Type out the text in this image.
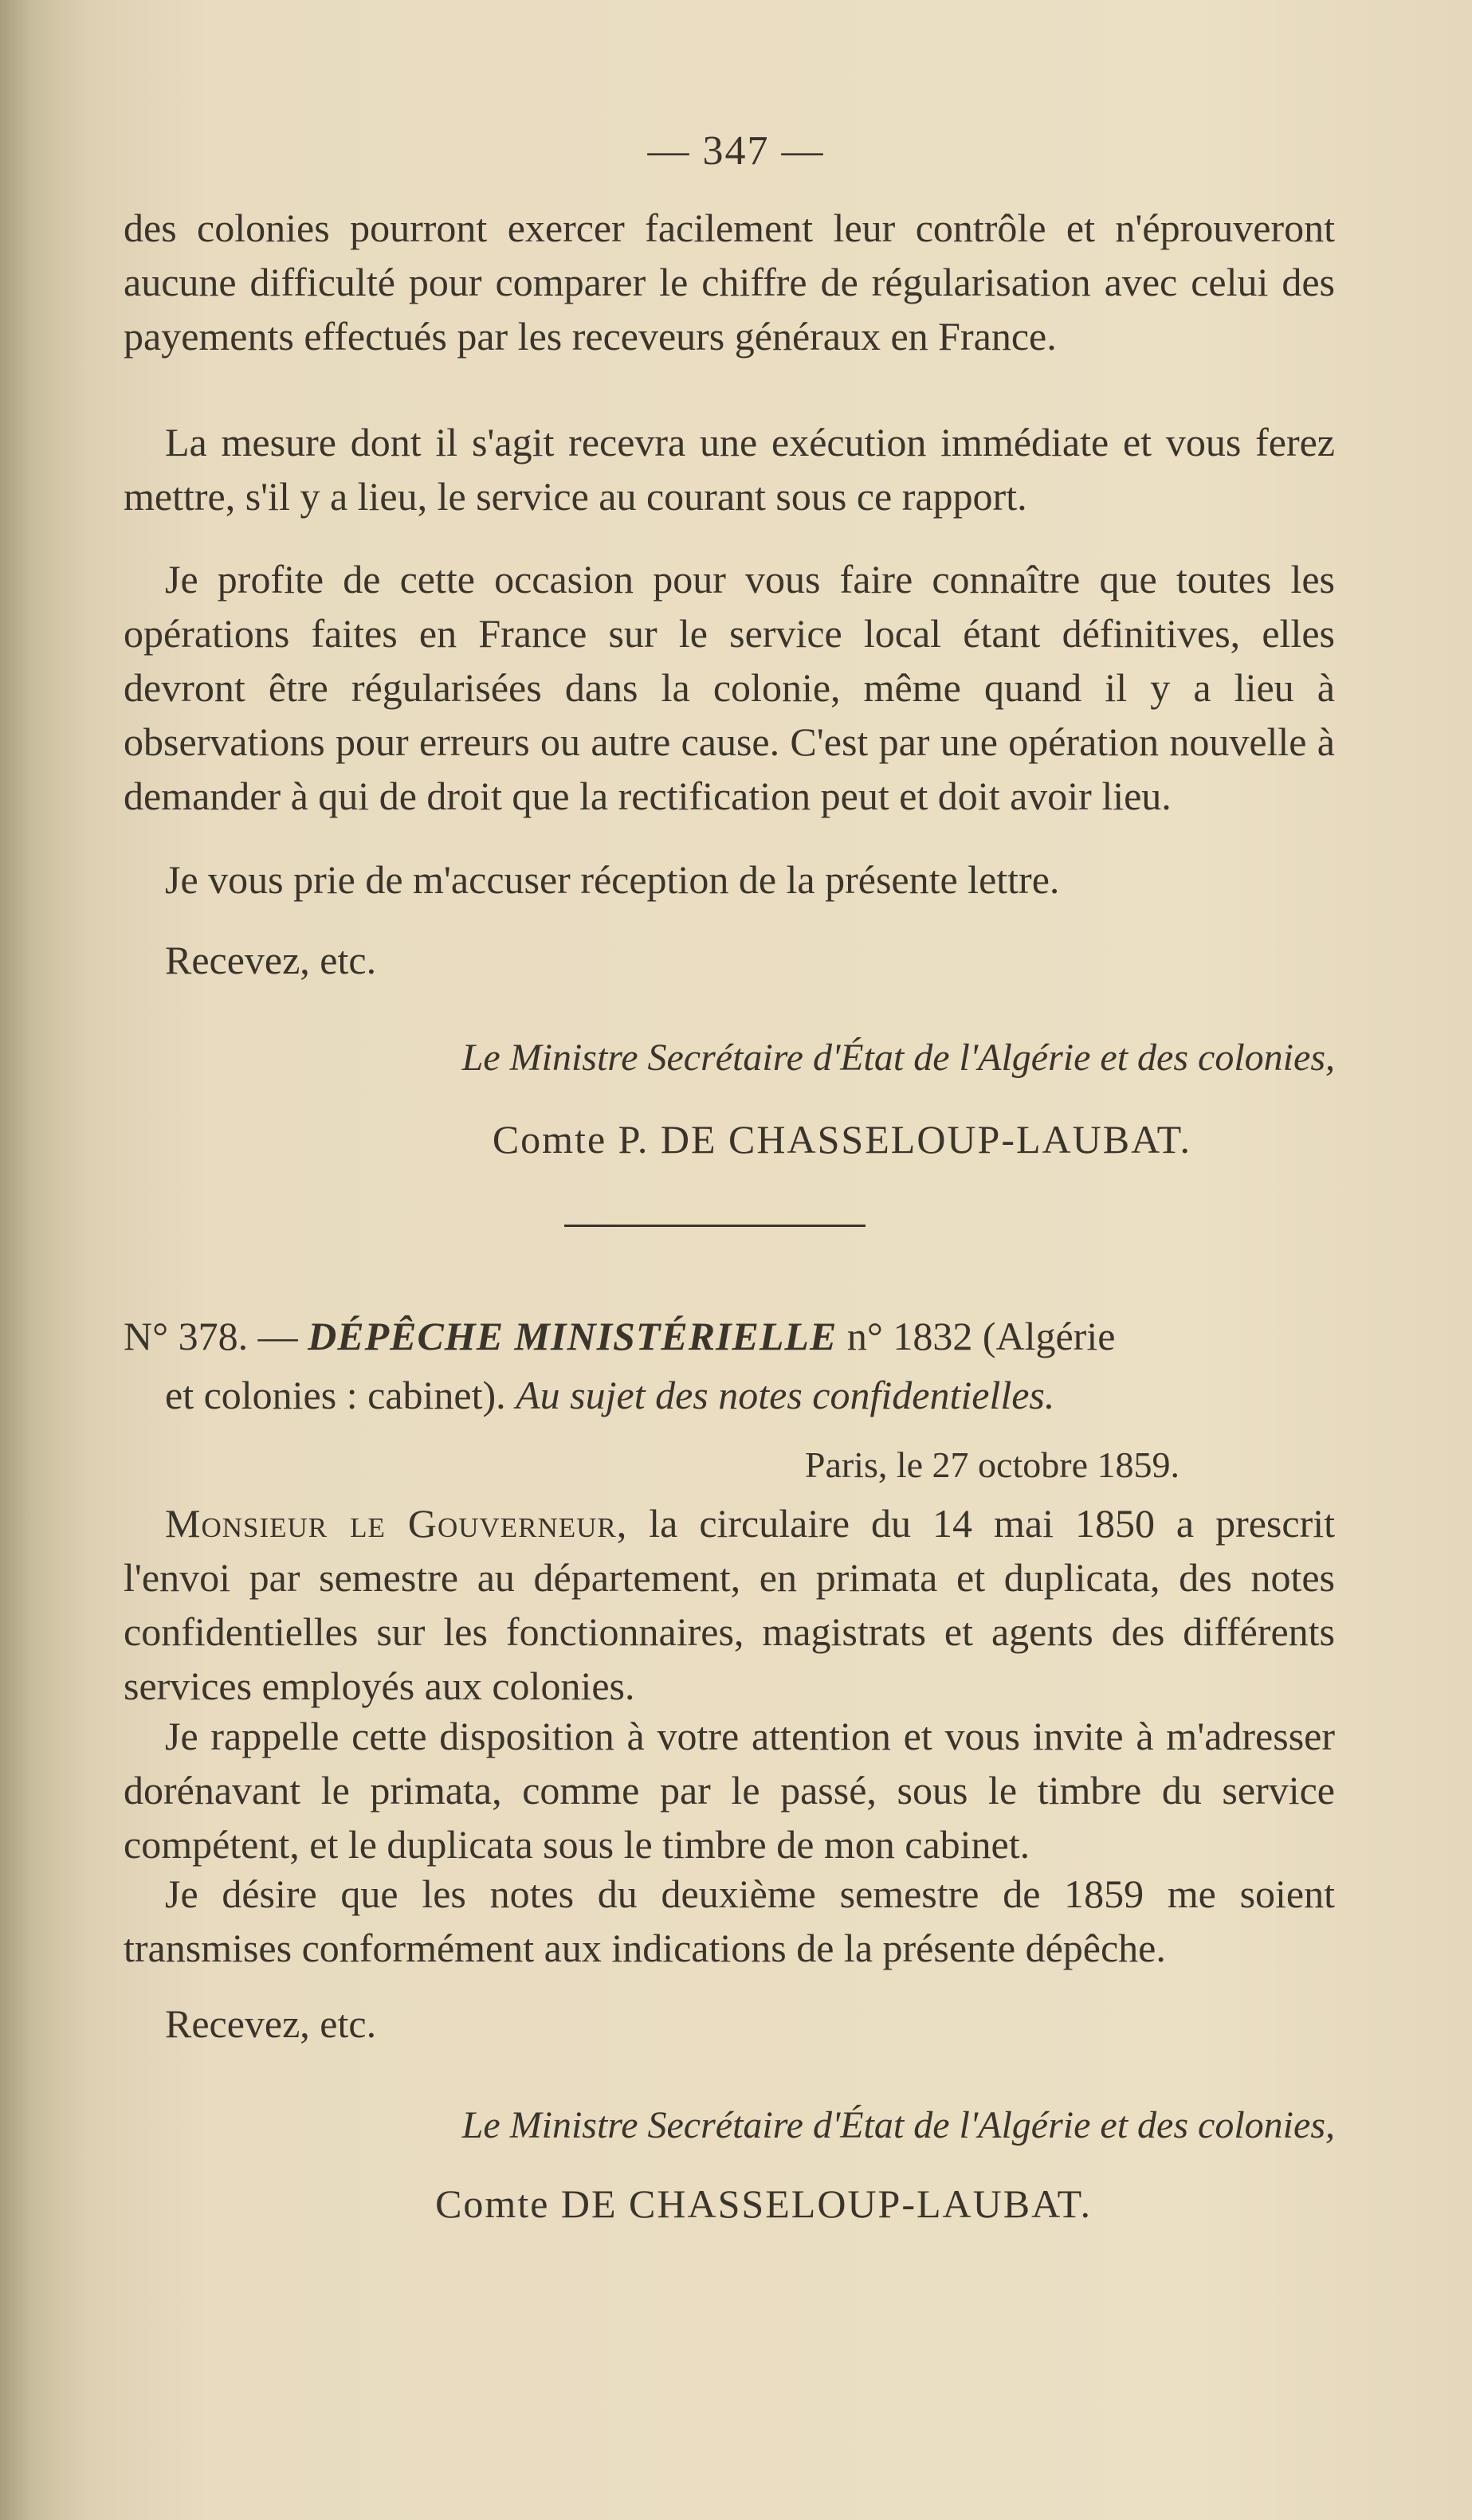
— 347 —
des colonies pourront exercer facilement leur contrôle et n'éprouveront aucune difficulté pour comparer le chiffre de régularisation avec celui des payements effectués par les receveurs généraux en France.
La mesure dont il s'agit recevra une exécution immédiate et vous ferez mettre, s'il y a lieu, le service au courant sous ce rapport.
Je profite de cette occasion pour vous faire connaître que toutes les opérations faites en France sur le service local étant définitives, elles devront être régularisées dans la colonie, même quand il y a lieu à observations pour erreurs ou autre cause. C'est par une opération nouvelle à demander à qui de droit que la rectification peut et doit avoir lieu.
Je vous prie de m'accuser réception de la présente lettre.
Recevez, etc.
Le Ministre Secrétaire d'État de l'Algérie et des colonies,
Comte P. DE CHASSELOUP-LAUBAT.
N° 378. — DÉPÊCHE MINISTÉRIELLE n° 1832 (Algérie
et colonies : cabinet). Au sujet des notes confidentielles.
Paris, le 27 octobre 1859.
Monsieur le Gouverneur, la circulaire du 14 mai 1850 a prescrit l'envoi par semestre au département, en primata et duplicata, des notes confidentielles sur les fonctionnaires, magistrats et agents des différents services employés aux colonies.
Je rappelle cette disposition à votre attention et vous invite à m'adresser dorénavant le primata, comme par le passé, sous le timbre du service compétent, et le duplicata sous le timbre de mon cabinet.
Je désire que les notes du deuxième semestre de 1859 me soient transmises conformément aux indications de la présente dépêche.
Recevez, etc.
Le Ministre Secrétaire d'État de l'Algérie et des colonies,
Comte DE CHASSELOUP-LAUBAT.
